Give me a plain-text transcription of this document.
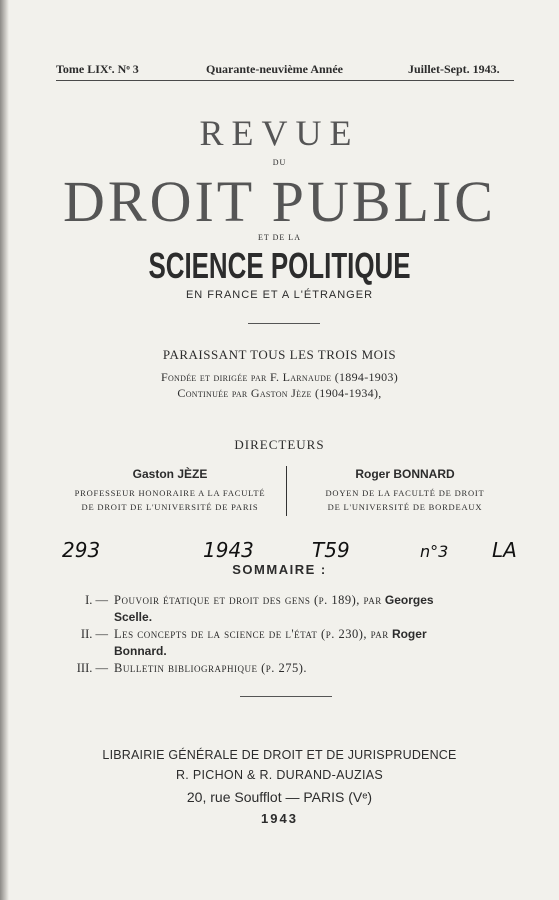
Tome LIXᵉ. Nᵒ 3	Quarante-neuvième Année	Juillet-Sept. 1943.
REVUE
DU
DROIT PUBLIC
ET DE LA
SCIENCE POLITIQUE
EN FRANCE ET A L'ÉTRANGER
PARAISSANT TOUS LES TROIS MOIS
Fondée et dirigée par F. Larnaude (1894-1903)
Continuée par Gaston Jèze (1904-1934),
DIRECTEURS
Gaston JÈZE
PROFESSEUR HONORAIRE A LA FACULTÉ
DE DROIT DE L'UNIVERSITÉ DE PARIS
Roger BONNARD
DOYEN DE LA FACULTÉ DE DROIT
DE L'UNIVERSITÉ DE BORDEAUX
293	1943	T59	n°3 LA
SOMMAIRE :
I. — Pouvoir étatique et droit des gens (p. 189), par Georges
Scelle.
II. — Les concepts de la science de l'état (p. 230), par Roger
Bonnard.
III. — Bulletin bibliographique (p. 275).
LIBRAIRIE GÉNÉRALE DE DROIT ET DE JURISPRUDENCE
R. PICHON & R. DURAND-AUZIAS
20, rue Soufflot — PARIS (Vᵉ)
1943
